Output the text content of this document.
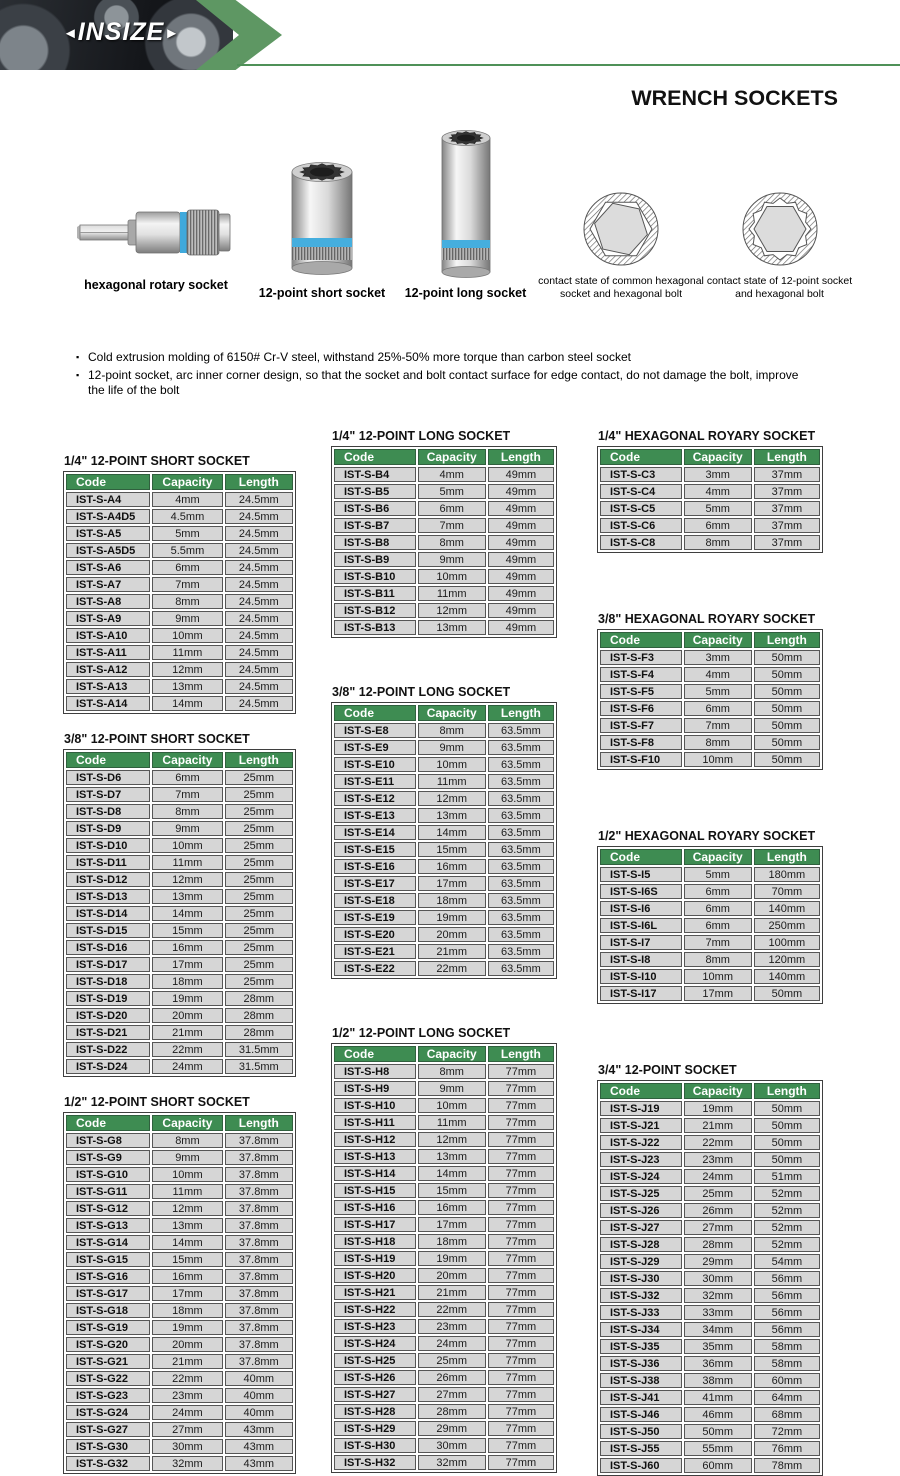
◄INSIZE►
WRENCH SOCKETS
hexagonal rotary socket
12-point short socket 12-point long socket
contact state of common hexagonal socket and hexagonal bolt
contact state of 12-point socket and hexagonal bolt
▪ Cold extrusion molding of 6150# Cr-V steel, withstand 25%-50% more torque than carbon steel socket
▪ 12-point socket, arc inner corner design, so that the socket and bolt contact surface for edge contact, do not damage the bolt, improve the life of the bolt
1/4" 12-POINT SHORT SOCKET
Code	Capacity	Length
IST-S-A4	4mm	24.5mm
IST-S-A4D5	4.5mm	24.5mm
IST-S-A5	5mm	24.5mm
IST-S-A5D5	5.5mm	24.5mm
IST-S-A6	6mm	24.5mm
IST-S-A7	7mm	24.5mm
IST-S-A8	8mm	24.5mm
IST-S-A9	9mm	24.5mm
IST-S-A10	10mm	24.5mm
IST-S-A11	11mm	24.5mm
IST-S-A12	12mm	24.5mm
IST-S-A13	13mm	24.5mm
IST-S-A14	14mm	24.5mm
3/8" 12-POINT SHORT SOCKET
Code	Capacity	Length
IST-S-D6	6mm	25mm
IST-S-D7	7mm	25mm
IST-S-D8	8mm	25mm
IST-S-D9	9mm	25mm
IST-S-D10	10mm	25mm
IST-S-D11	11mm	25mm
IST-S-D12	12mm	25mm
IST-S-D13	13mm	25mm
IST-S-D14	14mm	25mm
IST-S-D15	15mm	25mm
IST-S-D16	16mm	25mm
IST-S-D17	17mm	25mm
IST-S-D18	18mm	25mm
IST-S-D19	19mm	28mm
IST-S-D20	20mm	28mm
IST-S-D21	21mm	28mm
IST-S-D22	22mm	31.5mm
IST-S-D24	24mm	31.5mm
1/2" 12-POINT SHORT SOCKET
Code	Capacity	Length
IST-S-G8	8mm	37.8mm
IST-S-G9	9mm	37.8mm
IST-S-G10	10mm	37.8mm
IST-S-G11	11mm	37.8mm
IST-S-G12	12mm	37.8mm
IST-S-G13	13mm	37.8mm
IST-S-G14	14mm	37.8mm
IST-S-G15	15mm	37.8mm
IST-S-G16	16mm	37.8mm
IST-S-G17	17mm	37.8mm
IST-S-G18	18mm	37.8mm
IST-S-G19	19mm	37.8mm
IST-S-G20	20mm	37.8mm
IST-S-G21	21mm	37.8mm
IST-S-G22	22mm	40mm
IST-S-G23	23mm	40mm
IST-S-G24	24mm	40mm
IST-S-G27	27mm	43mm
IST-S-G30	30mm	43mm
IST-S-G32	32mm	43mm
1/4" 12-POINT LONG SOCKET
Code	Capacity	Length
IST-S-B4	4mm	49mm
IST-S-B5	5mm	49mm
IST-S-B6	6mm	49mm
IST-S-B7	7mm	49mm
IST-S-B8	8mm	49mm
IST-S-B9	9mm	49mm
IST-S-B10	10mm	49mm
IST-S-B11	11mm	49mm
IST-S-B12	12mm	49mm
IST-S-B13	13mm	49mm
3/8" 12-POINT LONG SOCKET
Code	Capacity	Length
IST-S-E8	8mm	63.5mm
IST-S-E9	9mm	63.5mm
IST-S-E10	10mm	63.5mm
IST-S-E11	11mm	63.5mm
IST-S-E12	12mm	63.5mm
IST-S-E13	13mm	63.5mm
IST-S-E14	14mm	63.5mm
IST-S-E15	15mm	63.5mm
IST-S-E16	16mm	63.5mm
IST-S-E17	17mm	63.5mm
IST-S-E18	18mm	63.5mm
IST-S-E19	19mm	63.5mm
IST-S-E20	20mm	63.5mm
IST-S-E21	21mm	63.5mm
IST-S-E22	22mm	63.5mm
1/2" 12-POINT LONG SOCKET
Code	Capacity	Length
IST-S-H8	8mm	77mm
IST-S-H9	9mm	77mm
IST-S-H10	10mm	77mm
IST-S-H11	11mm	77mm
IST-S-H12	12mm	77mm
IST-S-H13	13mm	77mm
IST-S-H14	14mm	77mm
IST-S-H15	15mm	77mm
IST-S-H16	16mm	77mm
IST-S-H17	17mm	77mm
IST-S-H18	18mm	77mm
IST-S-H19	19mm	77mm
IST-S-H20	20mm	77mm
IST-S-H21	21mm	77mm
IST-S-H22	22mm	77mm
IST-S-H23	23mm	77mm
IST-S-H24	24mm	77mm
IST-S-H25	25mm	77mm
IST-S-H26	26mm	77mm
IST-S-H27	27mm	77mm
IST-S-H28	28mm	77mm
IST-S-H29	29mm	77mm
IST-S-H30	30mm	77mm
IST-S-H32	32mm	77mm
1/4" HEXAGONAL ROYARY SOCKET
Code	Capacity	Length
IST-S-C3	3mm	37mm
IST-S-C4	4mm	37mm
IST-S-C5	5mm	37mm
IST-S-C6	6mm	37mm
IST-S-C8	8mm	37mm
3/8" HEXAGONAL ROYARY SOCKET
Code	Capacity	Length
IST-S-F3	3mm	50mm
IST-S-F4	4mm	50mm
IST-S-F5	5mm	50mm
IST-S-F6	6mm	50mm
IST-S-F7	7mm	50mm
IST-S-F8	8mm	50mm
IST-S-F10	10mm	50mm
1/2" HEXAGONAL ROYARY SOCKET
Code	Capacity	Length
IST-S-I5	5mm	180mm
IST-S-I6S	6mm	70mm
IST-S-I6	6mm	140mm
IST-S-I6L	6mm	250mm
IST-S-I7	7mm	100mm
IST-S-I8	8mm	120mm
IST-S-I10	10mm	140mm
IST-S-I17	17mm	50mm
3/4" 12-POINT SOCKET
Code	Capacity	Length
IST-S-J19	19mm	50mm
IST-S-J21	21mm	50mm
IST-S-J22	22mm	50mm
IST-S-J23	23mm	50mm
IST-S-J24	24mm	51mm
IST-S-J25	25mm	52mm
IST-S-J26	26mm	52mm
IST-S-J27	27mm	52mm
IST-S-J28	28mm	52mm
IST-S-J29	29mm	54mm
IST-S-J30	30mm	56mm
IST-S-J32	32mm	56mm
IST-S-J33	33mm	56mm
IST-S-J34	34mm	56mm
IST-S-J35	35mm	58mm
IST-S-J36	36mm	58mm
IST-S-J38	38mm	60mm
IST-S-J41	41mm	64mm
IST-S-J46	46mm	68mm
IST-S-J50	50mm	72mm
IST-S-J55	55mm	76mm
IST-S-J60	60mm	78mm
